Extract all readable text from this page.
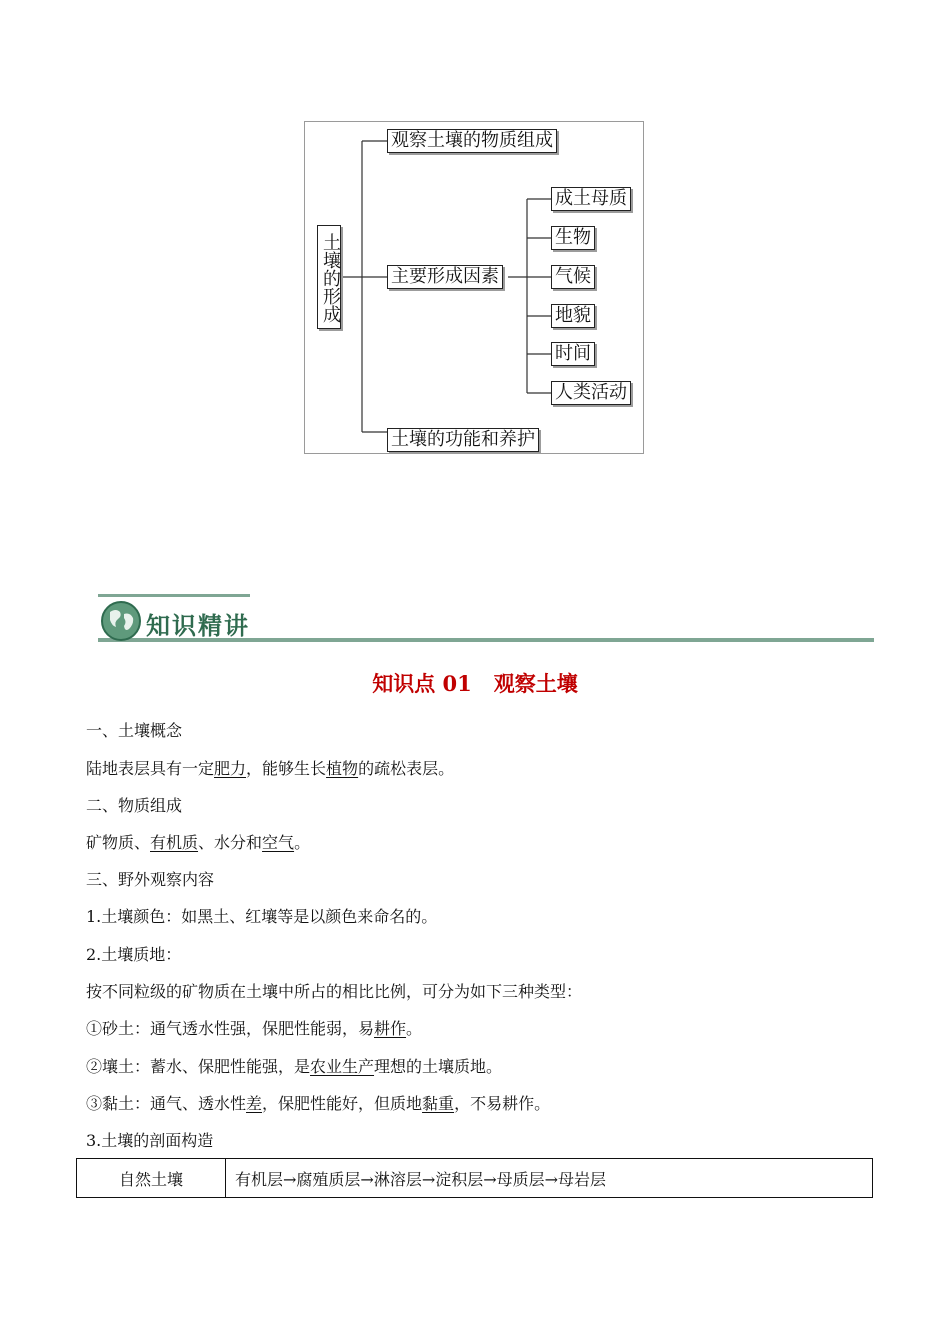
土壤的形成
观察土壤的物质组成
主要形成因素
土壤的功能和养护
成土母质
生物
气候
地貌
时间
人类活动
知识精讲
知识点 01 观察土壤
一、土壤概念
陆地表层具有一定肥力，能够生长植物的疏松表层。
二、物质组成
矿物质、有机质、水分和空气。
三、野外观察内容
1.土壤颜色：如黑土、红壤等是以颜色来命名的。
2.土壤质地：
按不同粒级的矿物质在土壤中所占的相比比例，可分为如下三种类型：
①砂土：通气透水性强，保肥性能弱，易耕作。
②壤土：蓄水、保肥性能强，是农业生产理想的土壤质地。
③黏土：通气、透水性差，保肥性能好，但质地黏重，不易耕作。
3.土壤的剖面构造
自然土壤	有机层→腐殖质层→淋溶层→淀积层→母质层→母岩层
